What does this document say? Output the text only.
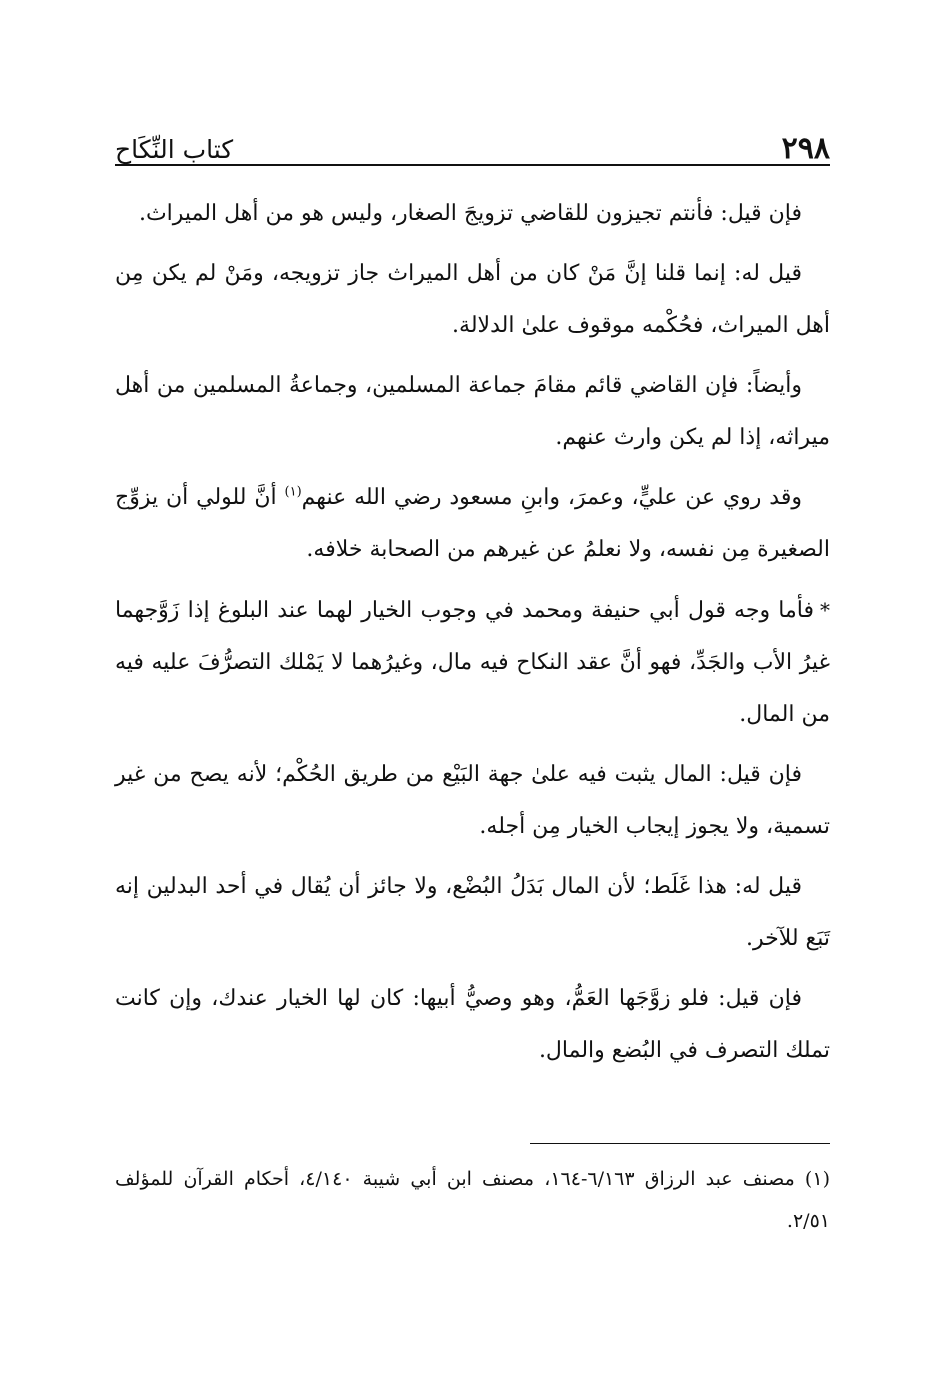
٢٩٨
كتاب النِّكَاح

فإن قيل: فأنتم تجيزون للقاضي تزويجَ الصغار، وليس هو من أهل الميراث.

قيل له: إنما قلنا إنَّ مَنْ كان من أهل الميراث جاز تزويجه، ومَنْ لم يكن مِن أهل الميراث، فحُكْمه موقوف علىٰ الدلالة.

وأيضاً: فإن القاضي قائم مقامَ جماعة المسلمين، وجماعةُ المسلمين من أهل ميراثه، إذا لم يكن وارث عنهم.

وقد روي عن عليٍّ، وعمرَ، وابنِ مسعود رضي الله عنهم$^{(١)}$ أنَّ للولي أن يزوِّج الصغيرة مِن نفسه، ولا نعلمُ عن غيرهم من الصحابة خلافه.

*فأما وجه قول أبي حنيفة ومحمد في وجوب الخيار لهما عند البلوغ إذا زَوَّجهما غيرُ الأب والجَدِّ، فهو أنَّ عقد النكاح فيه مال، وغيرُهما لا يَمْلك التصرُّفَ عليه فيه من المال.

فإن قيل: المال يثبت فيه علىٰ جهة البَيْع من طريق الحُكْم؛ لأنه يصح من غير تسمية، ولا يجوز إيجاب الخيار مِن أجله.

قيل له: هذا غَلَط؛ لأن المال بَدَلُ البُضْع، ولا جائز أن يُقال في أحد البدلين إنه تَبَع للآخر.

فإن قيل: فلو زوَّجَها العَمُّ، وهو وصيُّ أبيها: كان لها الخيار عندك، وإن كانت تملك التصرف في البُضع والمال.

(١) مصنف عبد الرزاق ٦/١٦٣-١٦٤، مصنف ابن أبي شيبة ٤/١٤٠، أحكام القرآن للمؤلف ٢/٥١.
